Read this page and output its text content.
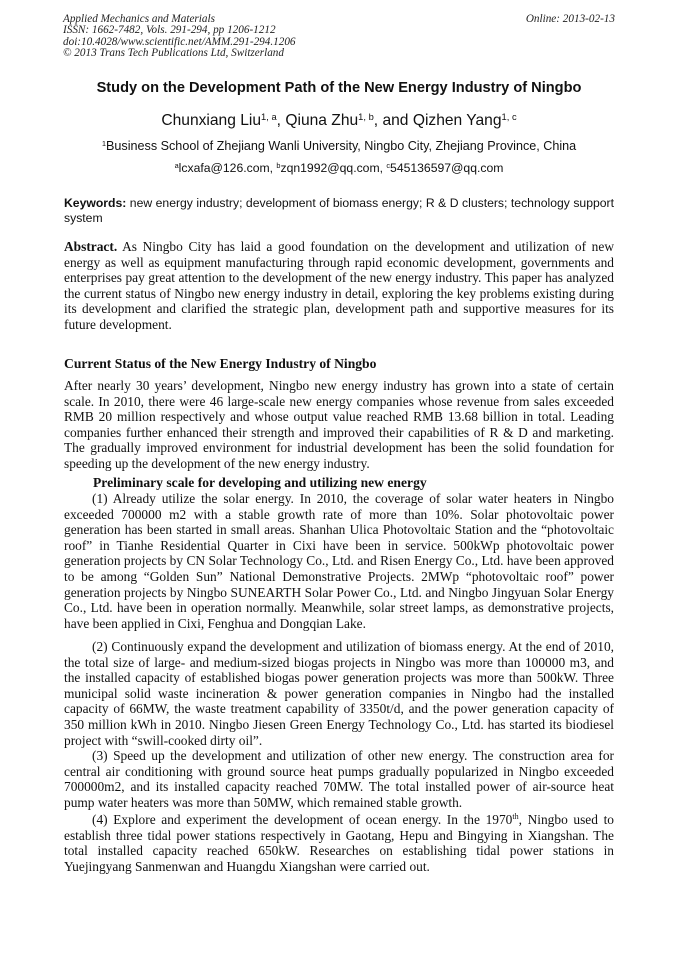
Applied Mechanics and Materials
ISSN: 1662-7482, Vols. 291-294, pp 1206-1212
doi:10.4028/www.scientific.net/AMM.291-294.1206
© 2013 Trans Tech Publications Ltd, Switzerland
Online: 2013-02-13
Study on the Development Path of the New Energy Industry of Ningbo
Chunxiang Liu$^{1, a}$, Qiuna Zhu$^{1, b}$, and Qizhen Yang$^{1, c}$
$^1$Business School of Zhejiang Wanli University, Ningbo City, Zhejiang Province, China
$^a$lcxafa@126.com, $^b$zqn1992@qq.com, $^c$545136597@qq.com
Keywords: new energy industry; development of biomass energy; R & D clusters; technology support system
Abstract. As Ningbo City has laid a good foundation on the development and utilization of new energy as well as equipment manufacturing through rapid economic development, governments and enterprises pay great attention to the development of the new energy industry. This paper has analyzed the current status of Ningbo new energy industry in detail, exploring the key problems existing during its development and clarified the strategic plan, development path and supportive measures for its future development.
Current Status of the New Energy Industry of Ningbo
After nearly 30 years’ development, Ningbo new energy industry has grown into a state of certain scale. In 2010, there were 46 large-scale new energy companies whose revenue from sales exceeded RMB 20 million respectively and whose output value reached RMB 13.68 billion in total. Leading companies further enhanced their strength and improved their capabilities of R & D and marketing. The gradually improved environment for industrial development has been the solid foundation for speeding up the development of the new energy industry.
Preliminary scale for developing and utilizing new energy
(1) Already utilize the solar energy. In 2010, the coverage of solar water heaters in Ningbo exceeded 700000 m2 with a stable growth rate of more than 10%. Solar photovoltaic power generation has been started in small areas. Shanhan Ulica Photovoltaic Station and the “photovoltaic roof” in Tianhe Residential Quarter in Cixi have been in service. 500kWp photovoltaic power generation projects by CN Solar Technology Co., Ltd. and Risen Energy Co., Ltd. have been approved to be among “Golden Sun” National Demonstrative Projects. 2MWp “photovoltaic roof” power generation projects by Ningbo SUNEARTH Solar Power Co., Ltd. and Ningbo Jingyuan Solar Energy Co., Ltd. have been in operation normally. Meanwhile, solar street lamps, as demonstrative projects, have been applied in Cixi, Fenghua and Dongqian Lake.
(2) Continuously expand the development and utilization of biomass energy. At the end of 2010, the total size of large- and medium-sized biogas projects in Ningbo was more than 100000 m3, and the installed capacity of established biogas power generation projects was more than 500kW. Three municipal solid waste incineration & power generation companies in Ningbo had the installed capacity of 66MW, the waste treatment capability of 3350t/d, and the power generation capacity of 350 million kWh in 2010. Ningbo Jiesen Green Energy Technology Co., Ltd. has started its biodiesel project with “swill-cooked dirty oil”.
(3) Speed up the development and utilization of other new energy. The construction area for central air conditioning with ground source heat pumps gradually popularized in Ningbo exceeded 700000m2, and its installed capacity reached 70MW. The total installed power of air-source heat pump water heaters was more than 50MW, which remained stable growth.
(4) Explore and experiment the development of ocean energy. In the 1970th, Ningbo used to establish three tidal power stations respectively in Gaotang, Hepu and Bingying in Xiangshan. The total installed capacity reached 650kW. Researches on establishing tidal power stations in Yuejingyang Sanmenwan and Huangdu Xiangshan were carried out.
